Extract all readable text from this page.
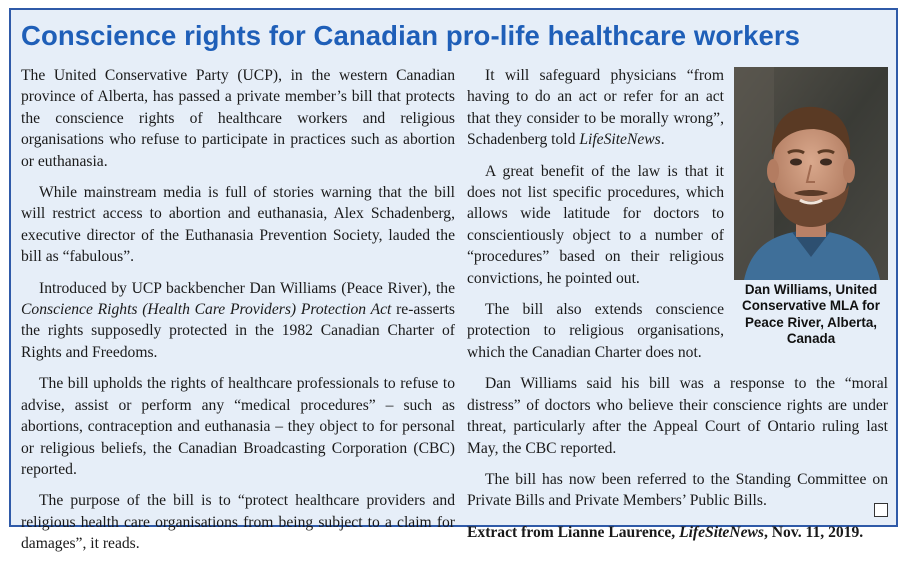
Conscience rights for Canadian pro-life healthcare workers

The United Conservative Party (UCP), in the western Canadian province of Alberta, has passed a private member’s bill that protects the conscience rights of healthcare workers and religious organisations who refuse to participate in practices such as abortion or euthanasia.

While mainstream media is full of stories warning that the bill will restrict access to abortion and euthanasia, Alex Schadenberg, executive director of the Euthanasia Prevention Society, lauded the bill as “fabulous”.

Introduced by UCP backbencher Dan Williams (Peace River), the Conscience Rights (Health Care Providers) Protection Act re-asserts the rights supposedly protected in the 1982 Canadian Charter of Rights and Freedoms.

The bill upholds the rights of healthcare professionals to refuse to advise, assist or perform any “medical procedures” – such as abortions, contraception and euthanasia – they object to for personal or religious beliefs, the Canadian Broadcasting Corporation (CBC) reported.

The purpose of the bill is to “protect healthcare providers and religious health care organisations from being subject to a claim for damages”, it reads.

Dan Williams, United Conservative MLA for Peace River, Alberta, Canada

It will safeguard physicians “from having to do an act or refer for an act that they consider to be morally wrong”, Schadenberg told LifeSiteNews.

A great benefit of the law is that it does not list specific procedures, which allows wide latitude for doctors to conscientiously object to a number of “procedures” based on their religious convictions, he pointed out.

The bill also extends conscience protection to religious organisations, which the Canadian Charter does not.

Dan Williams said his bill was a response to the “moral distress” of doctors who believe their conscience rights are under threat, particularly after the Appeal Court of Ontario ruling last May, the CBC reported.

The bill has now been referred to the Standing Committee on Private Bills and Private Members’ Public Bills.

Extract from Lianne Laurence, LifeSiteNews, Nov. 11, 2019.
